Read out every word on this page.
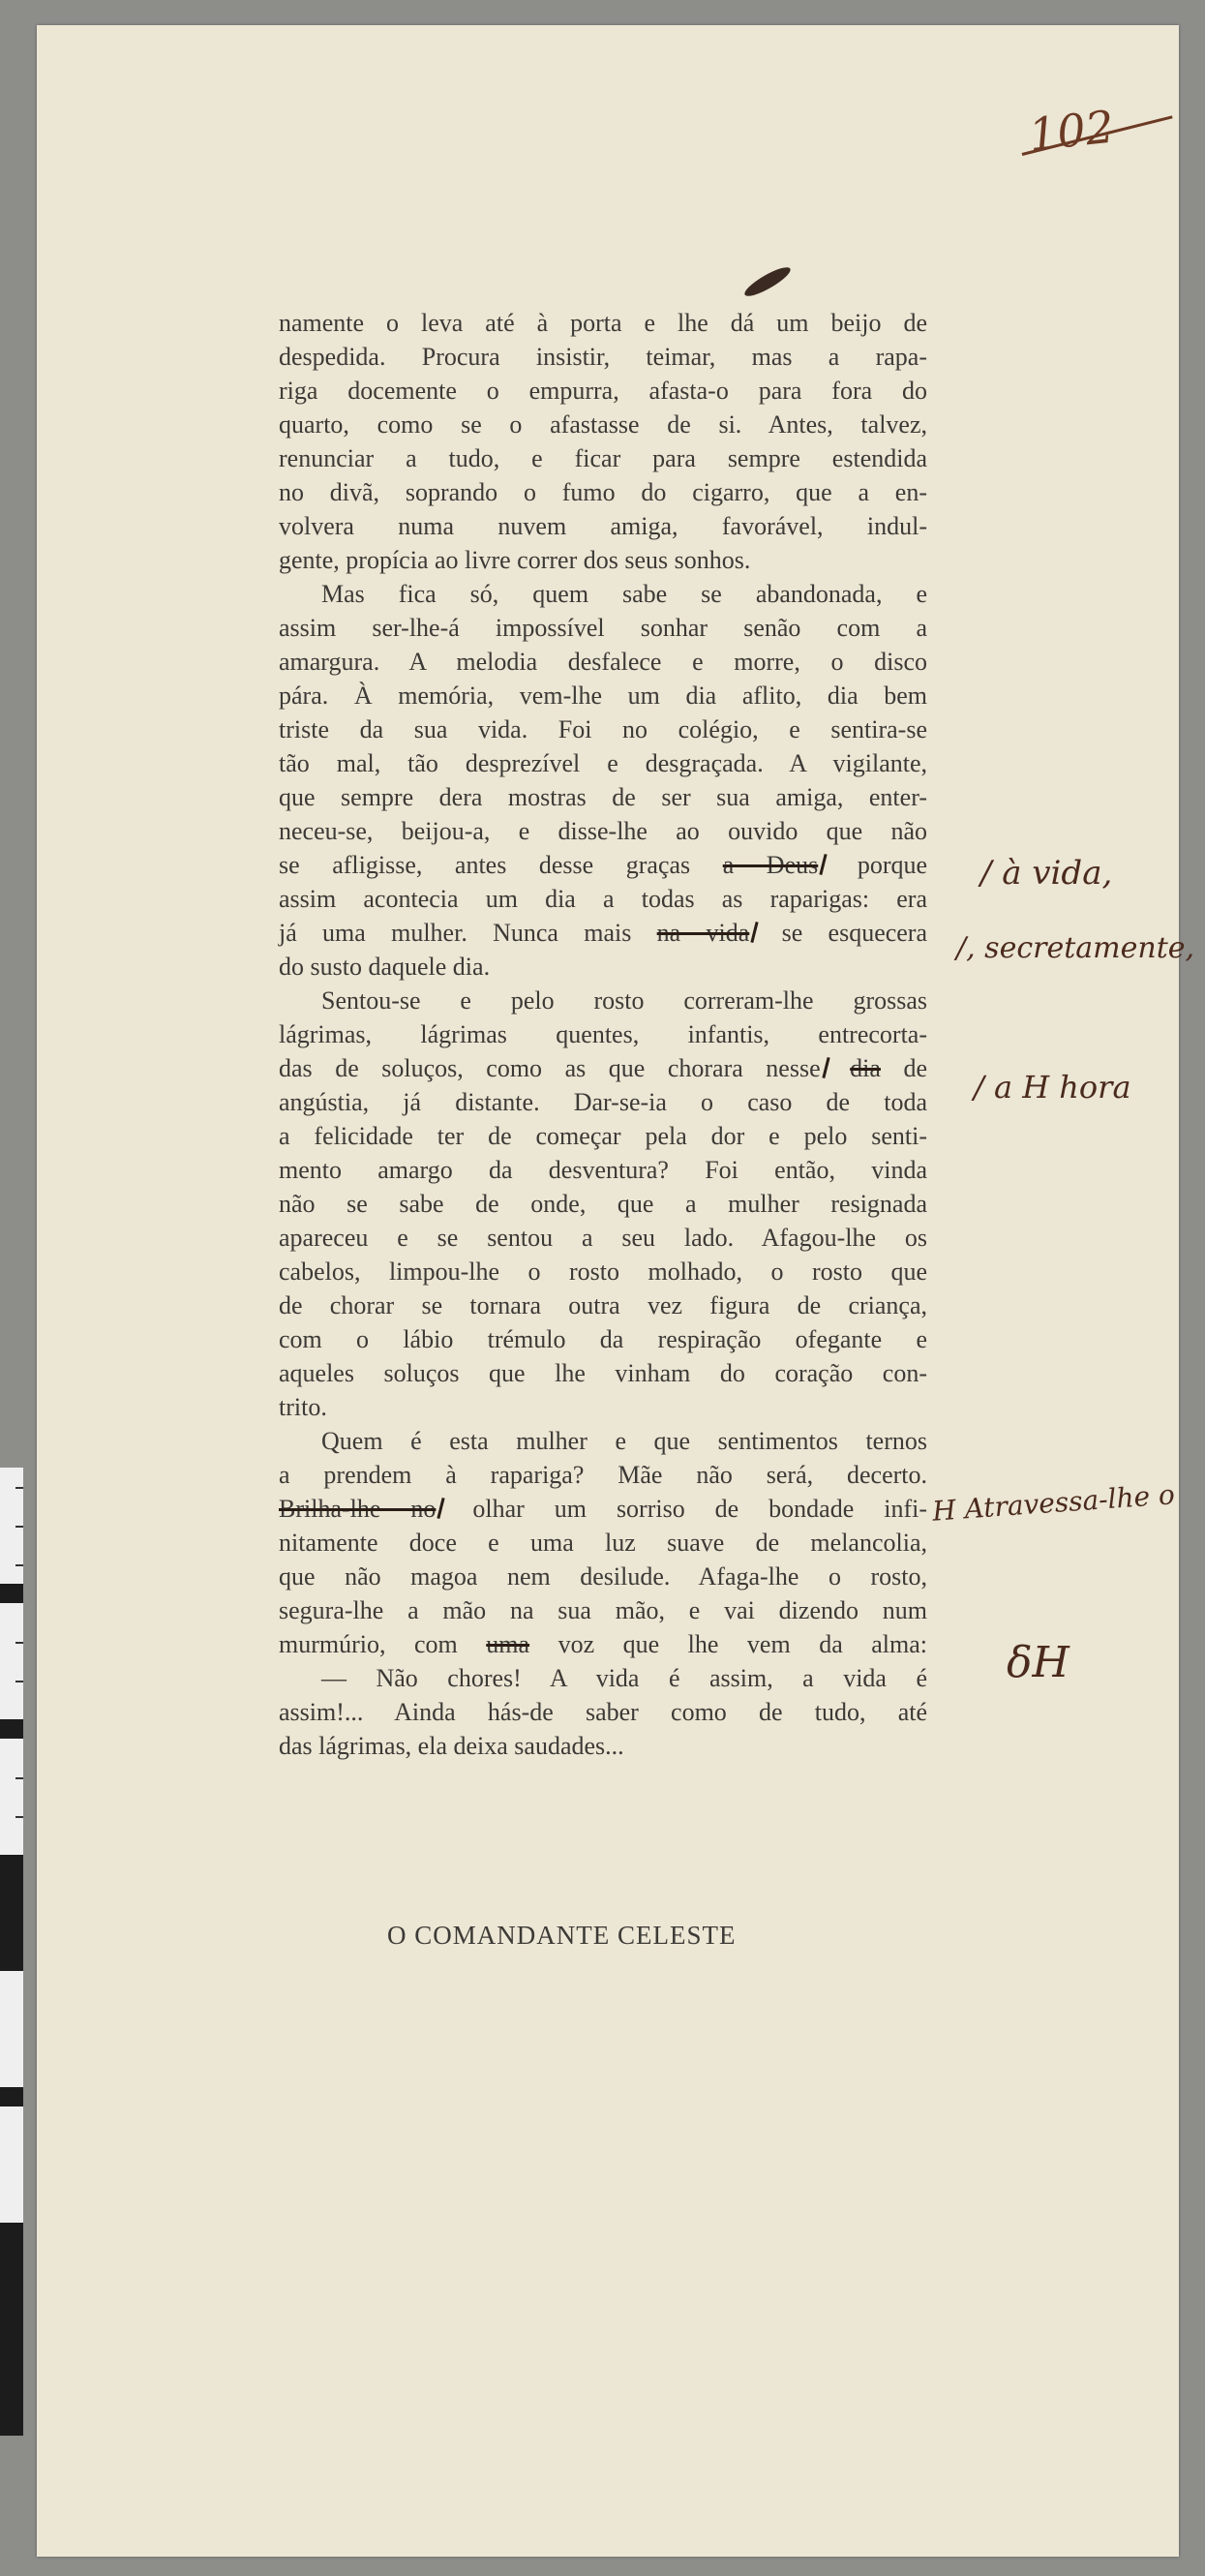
102
namente o leva até à porta e lhe dá um beijo de
despedida. Procura insistir, teimar, mas a rapa-
riga docemente o empurra, afasta-o para fora do
quarto, como se o afastasse de si. Antes, talvez,
renunciar a tudo, e ficar para sempre estendida
no divã, soprando o fumo do cigarro, que a en-
volvera numa nuvem amiga, favorável, indul-
gente, propícia ao livre correr dos seus sonhos.
Mas fica só, quem sabe se abandonada, e
assim ser-lhe-á impossível sonhar senão com a
amargura. A melodia desfalece e morre, o disco
pára. À memória, vem-lhe um dia aflito, dia bem
triste da sua vida. Foi no colégio, e sentira-se
tão mal, tão desprezível e desgraçada. A vigilante,
que sempre dera mostras de ser sua amiga, enter-
neceu-se, beijou-a, e disse-lhe ao ouvido que não
se afligisse, antes desse graças a Deus porque
assim acontecia um dia a todas as raparigas: era
já uma mulher. Nunca mais na vida se esquecera
do susto daquele dia.
Sentou-se e pelo rosto correram-lhe grossas
lágrimas, lágrimas quentes, infantis, entrecorta-
das de soluços, como as que chorara nesse dia de
angústia, já distante. Dar-se-ia o caso de toda
a felicidade ter de começar pela dor e pelo senti-
mento amargo da desventura? Foi então, vinda
não se sabe de onde, que a mulher resignada
apareceu e se sentou a seu lado. Afagou-lhe os
cabelos, limpou-lhe o rosto molhado, o rosto que
de chorar se tornara outra vez figura de criança,
com o lábio trémulo da respiração ofegante e
aqueles soluços que lhe vinham do coração con-
trito.
Quem é esta mulher e que sentimentos ternos
a prendem à rapariga? Mãe não será, decerto.
Brilha-lhe no olhar um sorriso de bondade infi-
nitamente doce e uma luz suave de melancolia,
que não magoa nem desilude. Afaga-lhe o rosto,
segura-lhe a mão na sua mão, e vai dizendo num
murmúrio, com uma voz que lhe vem da alma:
— Não chores! A vida é assim, a vida é
assim!... Ainda hás-de saber como de tudo, até
das lágrimas, ela deixa saudades...
O COMANDANTE CELESTE
/ à vida,
/, secretamente,
/ a H hora
H Atravessa-lhe o
δH
